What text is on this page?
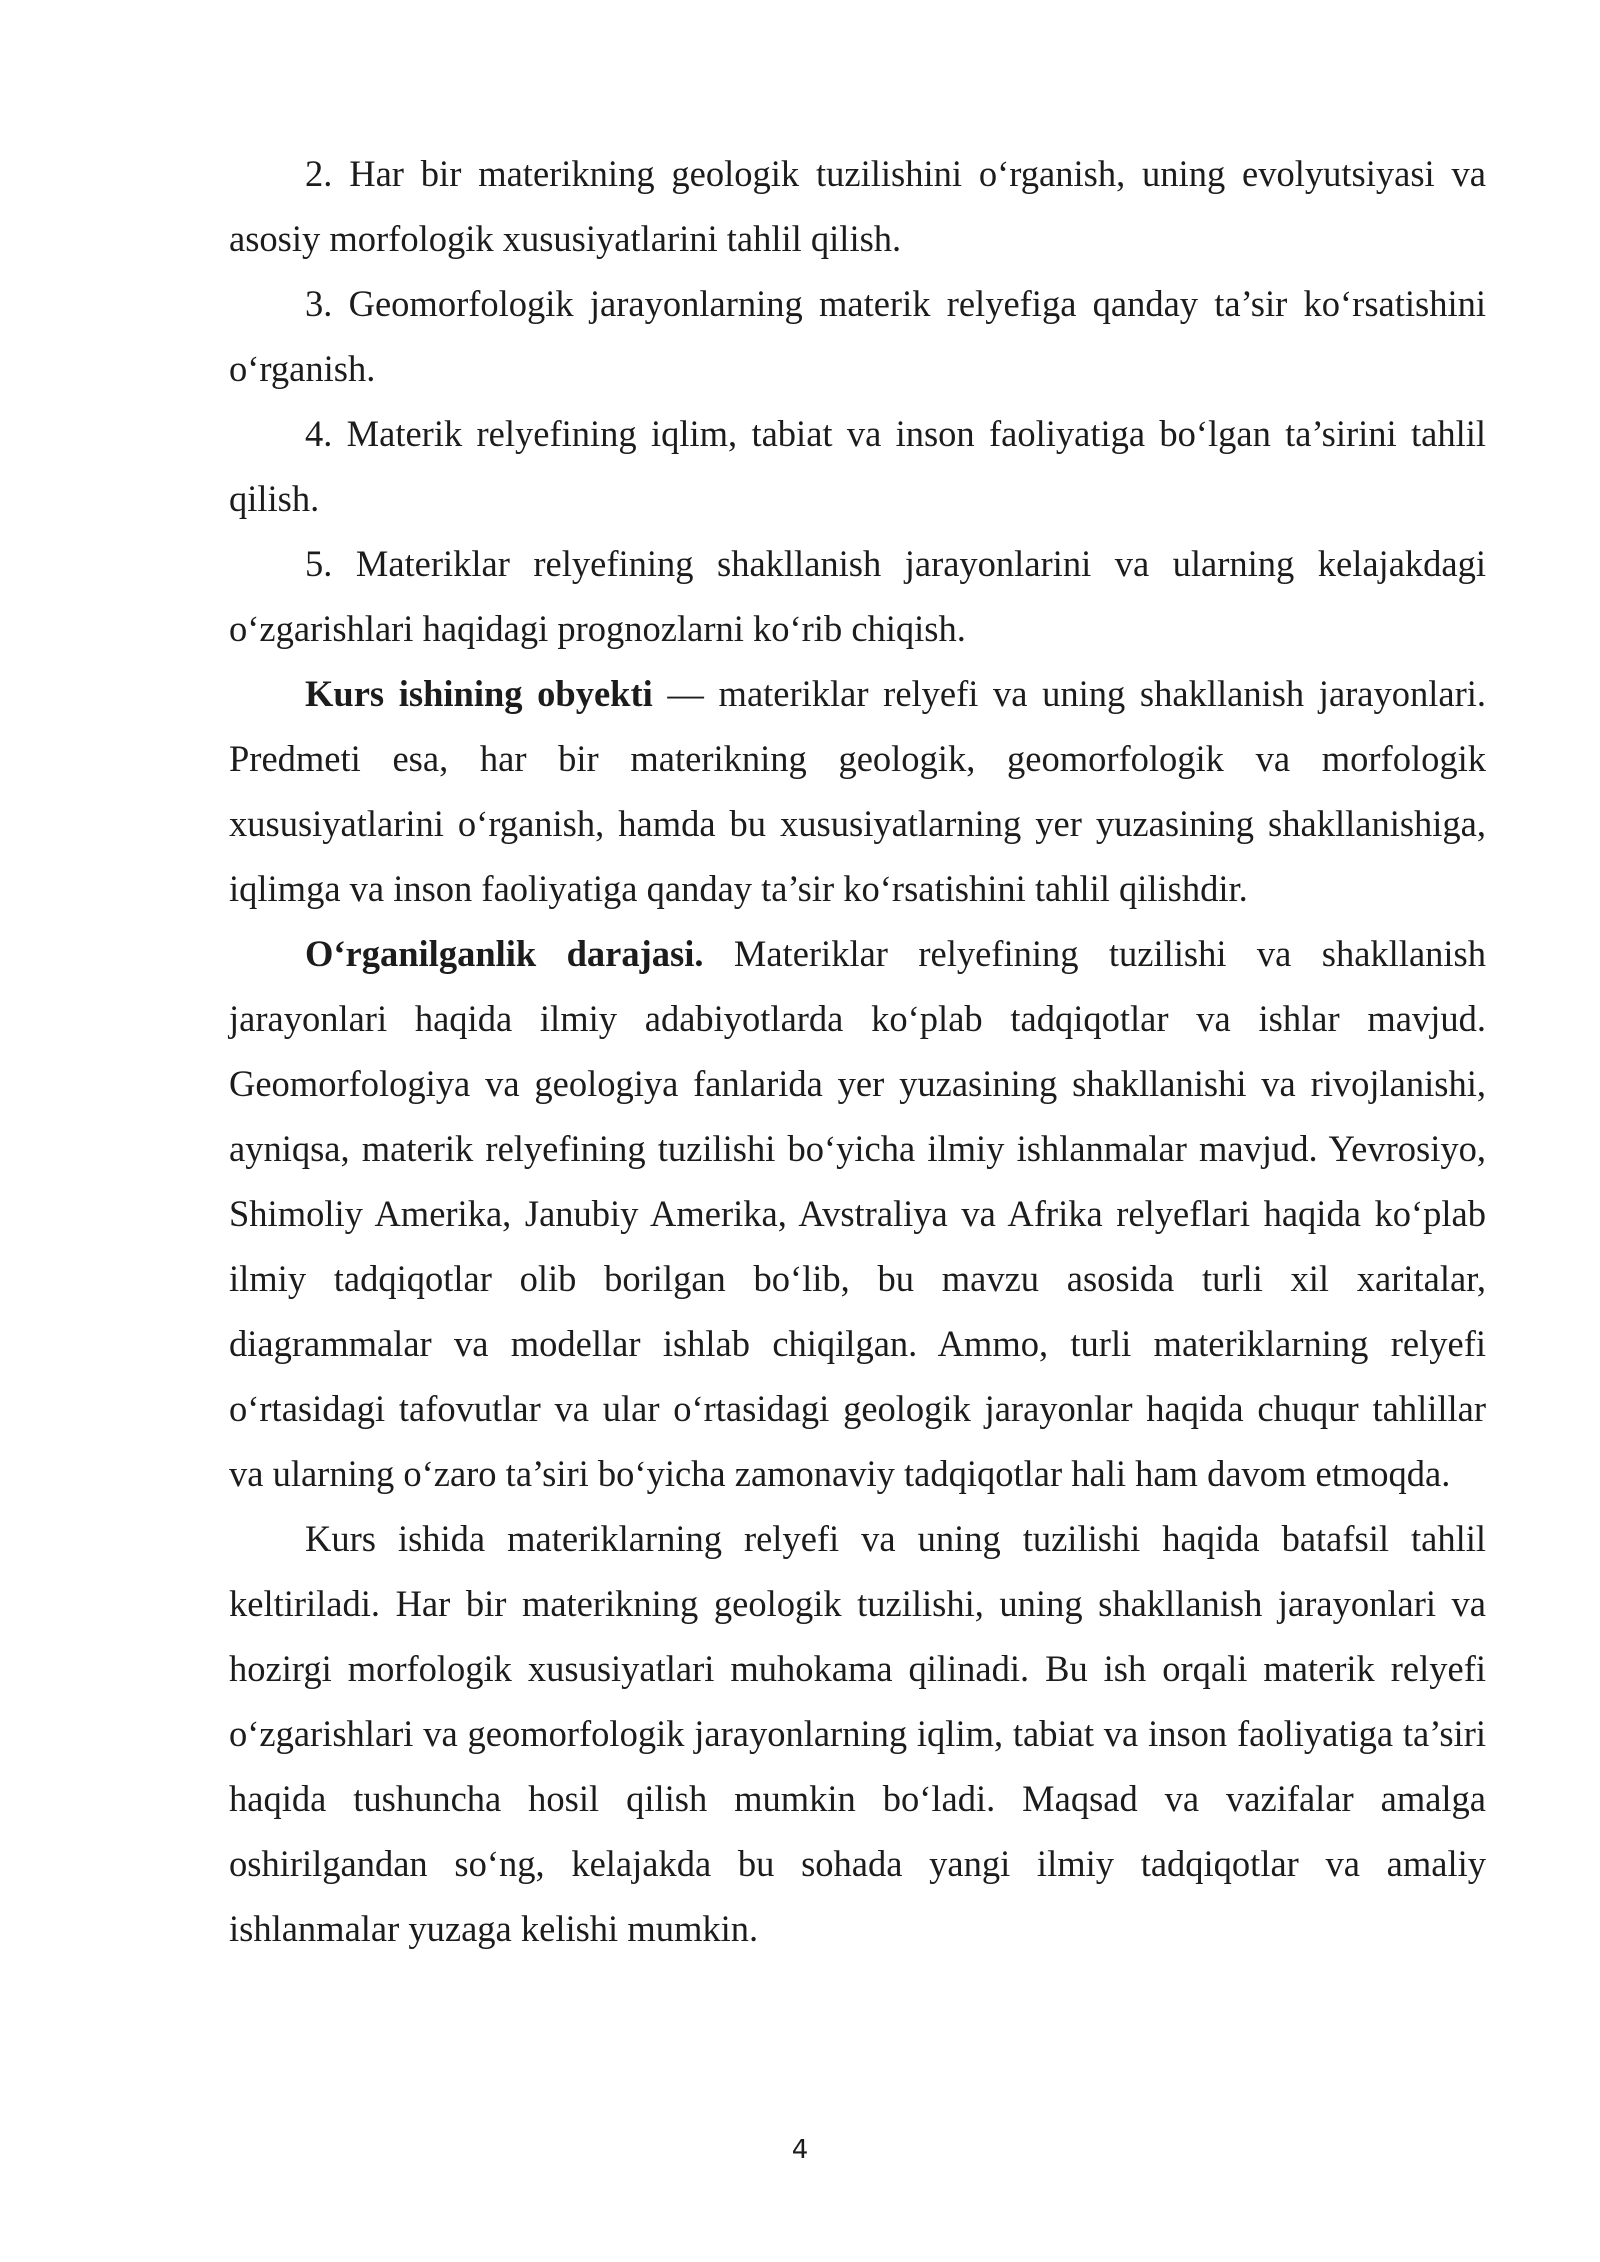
2. Har bir materikning geologik tuzilishini o‘rganish, uning evolyutsiyasi va asosiy morfologik xususiyatlarini tahlil qilish.

3. Geomorfologik jarayonlarning materik relyefiga qanday ta’sir ko‘rsatishini o‘rganish.

4. Materik relyefining iqlim, tabiat va inson faoliyatiga bo‘lgan ta’sirini tahlil qilish.

5. Materiklar relyefining shakllanish jarayonlarini va ularning kelajakdagi o‘zgarishlari haqidagi prognozlarni ko‘rib chiqish.

Kurs ishining obyekti — materiklar relyefi va uning shakllanish jarayonlari. Predmeti esa, har bir materikning geologik, geomorfologik va morfologik xususiyatlarini o‘rganish, hamda bu xususiyatlarning yer yuzasining shakllanishiga, iqlimga va inson faoliyatiga qanday ta’sir ko‘rsatishini tahlil qilishdir.

O‘rganilganlik darajasi. Materiklar relyefining tuzilishi va shakllanish jarayonlari haqida ilmiy adabiyotlarda ko‘plab tadqiqotlar va ishlar mavjud. Geomorfologiya va geologiya fanlarida yer yuzasining shakllanishi va rivojlanishi, ayniqsa, materik relyefining tuzilishi bo‘yicha ilmiy ishlanmalar mavjud. Yevrosiyo, Shimoliy Amerika, Janubiy Amerika, Avstraliya va Afrika relyeflari haqida ko‘plab ilmiy tadqiqotlar olib borilgan bo‘lib, bu mavzu asosida turli xil xaritalar, diagrammalar va modellar ishlab chiqilgan. Ammo, turli materiklarning relyefi o‘rtasidagi tafovutlar va ular o‘rtasidagi geologik jarayonlar haqida chuqur tahlillar va ularning o‘zaro ta’siri bo‘yicha zamonaviy tadqiqotlar hali ham davom etmoqda.

Kurs ishida materiklarning relyefi va uning tuzilishi haqida batafsil tahlil keltiriladi. Har bir materikning geologik tuzilishi, uning shakllanish jarayonlari va hozirgi morfologik xususiyatlari muhokama qilinadi. Bu ish orqali materik relyefi o‘zgarishlari va geomorfologik jarayonlarning iqlim, tabiat va inson faoliyatiga ta’siri haqida tushuncha hosil qilish mumkin bo‘ladi. Maqsad va vazifalar amalga oshirilgandan so‘ng, kelajakda bu sohada yangi ilmiy tadqiqotlar va amaliy ishlanmalar yuzaga kelishi mumkin.

4
